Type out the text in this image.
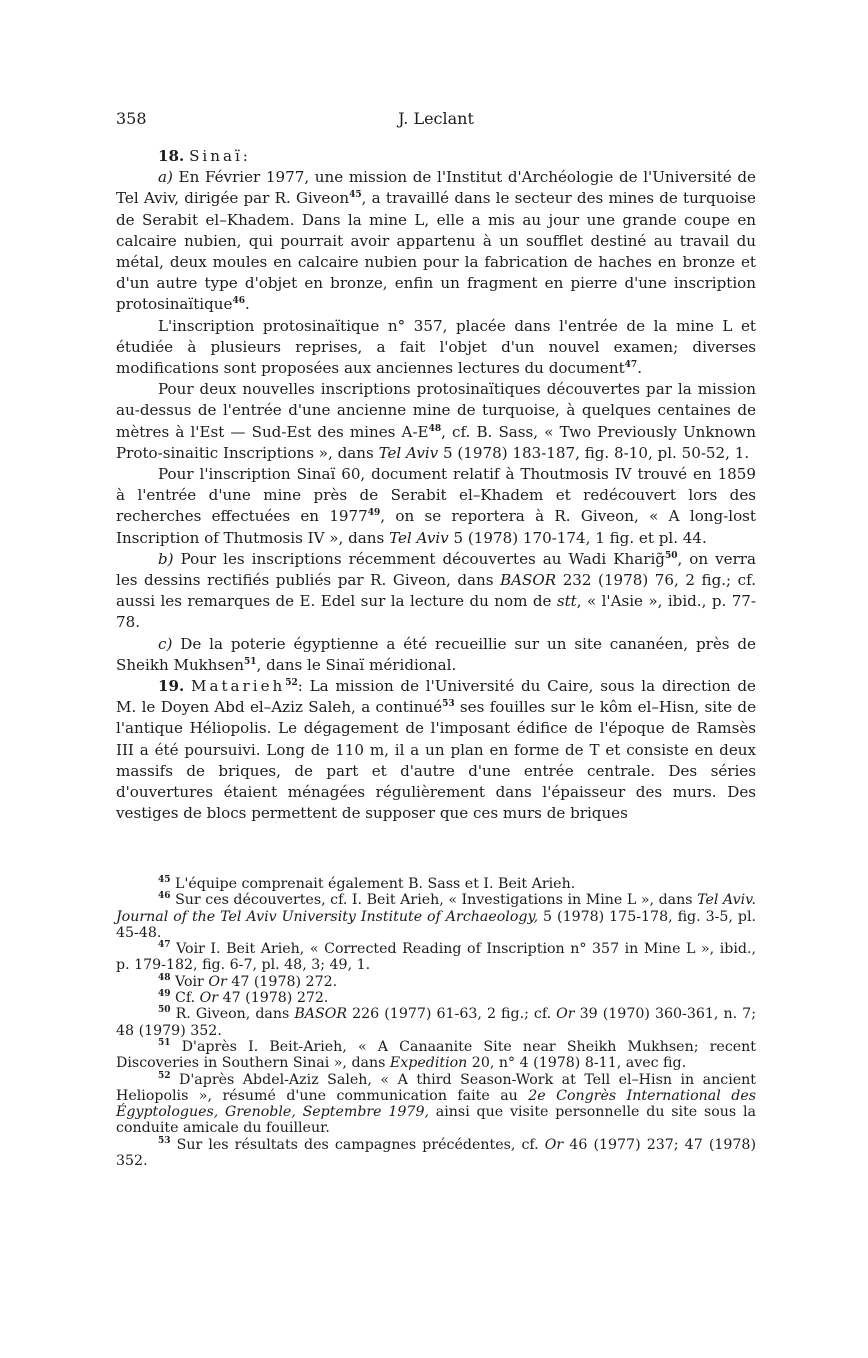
358	J. Leclant

18. Sinaï:

a) En Février 1977, une mission de l'Institut d'Archéologie de l'Université de Tel Aviv, dirigée par R. Giveon$^{45}$, a travaillé dans le secteur des mines de turquoise de Serabit el–Khadem. Dans la mine L, elle a mis au jour une grande coupe en calcaire nubien, qui pourrait avoir appartenu à un soufflet destiné au travail du métal, deux moules en calcaire nubien pour la fabrication de haches en bronze et d'un autre type d'objet en bronze, enfin un fragment en pierre d'une inscription protosinaïtique$^{46}$.

L'inscription protosinaïtique n° 357, placée dans l'entrée de la mine L et étudiée à plusieurs reprises, a fait l'objet d'un nouvel examen; diverses modifications sont proposées aux anciennes lectures du document$^{47}$.

Pour deux nouvelles inscriptions protosinaïtiques découvertes par la mission au-dessus de l'entrée d'une ancienne mine de turquoise, à quelques centaines de mètres à l'Est — Sud-Est des mines $A-E^{48}$, cf. B. Sass, « Two Previously Unknown Proto-sinaitic Inscriptions », dans Tel Aviv 5 (1978) 183-187, fig. 8-10, pl. 50-52, 1.

Pour l'inscription Sinaï 60, document relatif à Thoutmosis IV trouvé en 1859 à l'entrée d'une mine près de Serabit el–Khadem et redécouvert lors des recherches effectuées en 1977$^{49}$, on se reportera à R. Giveon, « A long-lost Inscription of Thutmosis IV », dans Tel Aviv 5 (1978) 170-174, 1 fig. et pl. 44.

b) Pour les inscriptions récemment découvertes au Wadi Kharig̃$^{50}$, on verra les dessins rectifiés publiés par R. Giveon, dans BASOR 232 (1978) 76, 2 fig.; cf. aussi les remarques de E. Edel sur la lecture du nom de stt, « l'Asie », ibid., p. 77-78.

c) De la poterie égyptienne a été recueillie sur un site cananéen, près de Sheikh Mukhsen$^{51}$, dans le Sinaï méridional.

19. Matarieh$^{52}$: La mission de l'Université du Caire, sous la direction de M. le Doyen Abd el–Aziz Saleh, a continué$^{53}$ ses fouilles sur le kôm el–Hisn, site de l'antique Héliopolis. Le dégagement de l'imposant édifice de l'époque de Ramsès III a été poursuivi. Long de 110 m, il a un plan en forme de T et consiste en deux massifs de briques, de part et d'autre d'une entrée centrale. Des séries d'ouvertures étaient ménagées régulièrement dans l'épaisseur des murs. Des vestiges de blocs permettent de supposer que ces murs de briques

$^{45}$ L'équipe comprenait également B. Sass et I. Beit Arieh.

$^{46}$ Sur ces découvertes, cf. I. Beit Arieh, « Investigations in Mine L », dans Tel Aviv. Journal of the Tel Aviv University Institute of Archaeology, 5 (1978) 175-178, fig. 3-5, pl. 45-48.

$^{47}$ Voir I. Beit Arieh, « Corrected Reading of Inscription n° 357 in Mine L », ibid., p. 179-182, fig. 6-7, pl. 48, 3; 49, 1.

$^{48}$ Voir Or 47 (1978) 272.

$^{49}$ Cf. Or 47 (1978) 272.

$^{50}$ R. Giveon, dans BASOR 226 (1977) 61-63, 2 fig.; cf. Or 39 (1970) 360-361, n. 7; 48 (1979) 352.

$^{51}$ D'après I. Beit-Arieh, « A Canaanite Site near Sheikh Mukhsen; recent Discoveries in Southern Sinai », dans Expedition 20, n° 4 (1978) 8-11, avec fig.

$^{52}$ D'après Abdel-Aziz Saleh, « A third Season-Work at Tell el–Hisn in ancient Heliopolis », résumé d'une communication faite au 2e Congrès International des Égyptologues, Grenoble, Septembre 1979, ainsi que visite personnelle du site sous la conduite amicale du fouilleur.

$^{53}$ Sur les résultats des campagnes précédentes, cf. Or 46 (1977) 237; 47 (1978) 352.
